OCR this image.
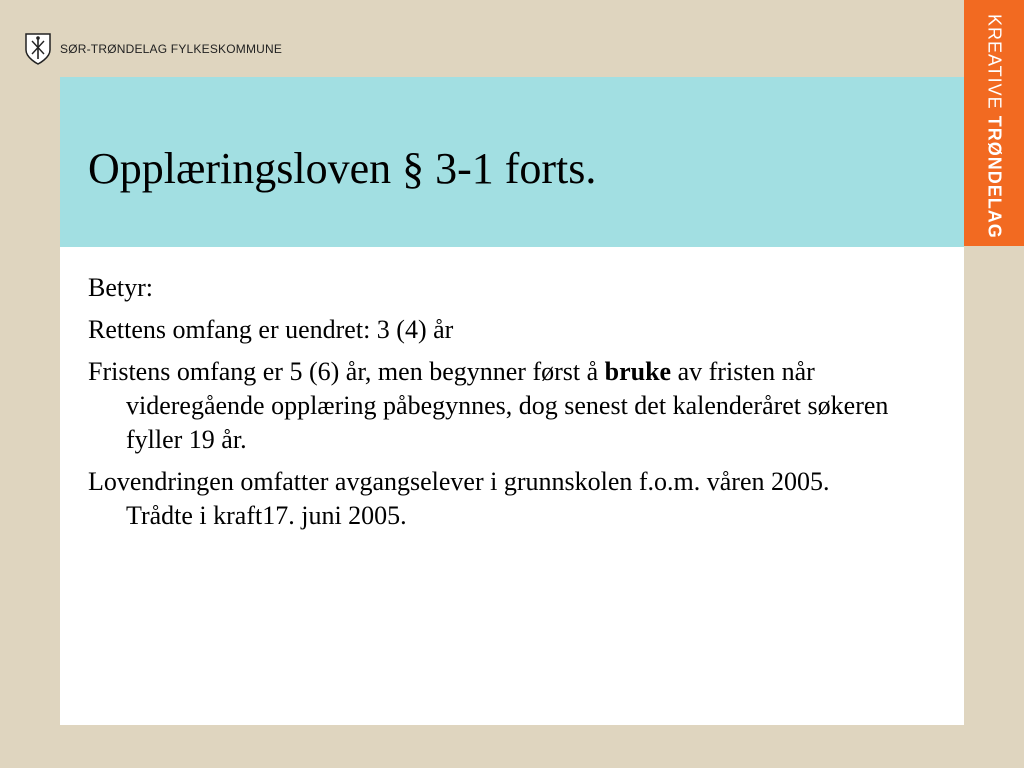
SØR-TRØNDELAG FYLKESKOMMUNE	KREATIVE TRØNDELAG
Opplæringsloven § 3-1 forts.

Betyr:

Rettens omfang er uendret: 3 (4) år

Fristens omfang er 5 (6) år, men begynner først å bruke av fristen når videregående opplæring påbegynnes, dog senest det kalenderåret søkeren fyller 19 år.

Lovendringen omfatter avgangselever i grunnskolen f.o.m. våren 2005.
Trådte i kraft17. juni 2005.
